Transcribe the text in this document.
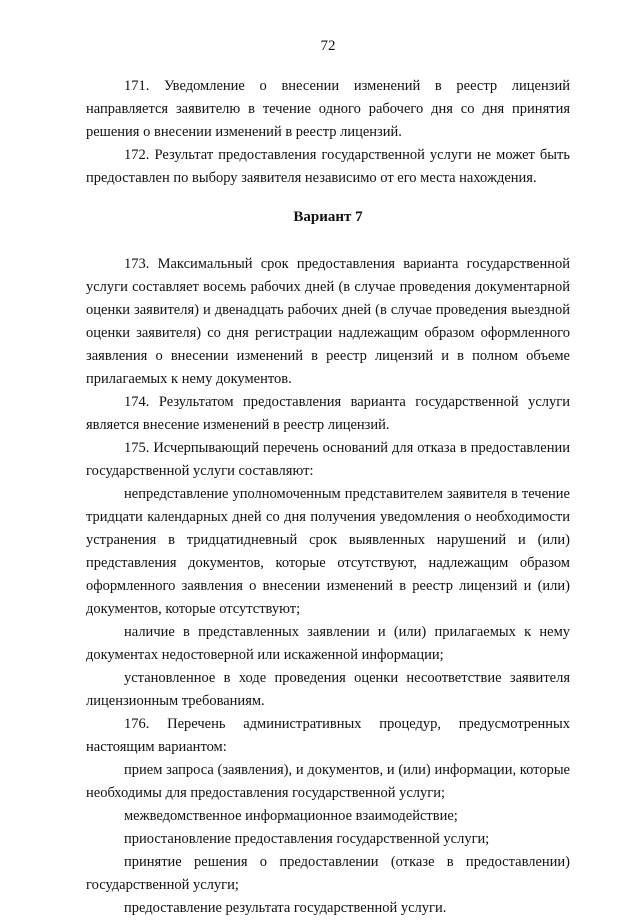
72

171. Уведомление о внесении изменений в реестр лицензий направляется заявителю в течение одного рабочего дня со дня принятия решения о внесении изменений в реестр лицензий.

172. Результат предоставления государственной услуги не может быть предоставлен по выбору заявителя независимо от его места нахождения.

Вариант 7

173. Максимальный срок предоставления варианта государственной услуги составляет восемь рабочих дней (в случае проведения документарной оценки заявителя) и двенадцать рабочих дней (в случае проведения выездной оценки заявителя) со дня регистрации надлежащим образом оформленного заявления о внесении изменений в реестр лицензий и в полном объеме прилагаемых к нему документов.

174. Результатом предоставления варианта государственной услуги является внесение изменений в реестр лицензий.

175. Исчерпывающий перечень оснований для отказа в предоставлении государственной услуги составляют:

непредставление уполномоченным представителем заявителя в течение тридцати календарных дней со дня получения уведомления о необходимости устранения в тридцатидневный срок выявленных нарушений и (или) представления документов, которые отсутствуют, надлежащим образом оформленного заявления о внесении изменений в реестр лицензий и (или) документов, которые отсутствуют;

наличие в представленных заявлении и (или) прилагаемых к нему документах недостоверной или искаженной информации;

установленное в ходе проведения оценки несоответствие заявителя лицензионным требованиям.

176. Перечень административных процедур, предусмотренных настоящим вариантом:

прием запроса (заявления), и документов, и (или) информации, которые необходимы для предоставления государственной услуги;

межведомственное информационное взаимодействие;

приостановление предоставления государственной услуги;

принятие решения о предоставлении (отказе в предоставлении) государственной услуги;

предоставление результата государственной услуги.
